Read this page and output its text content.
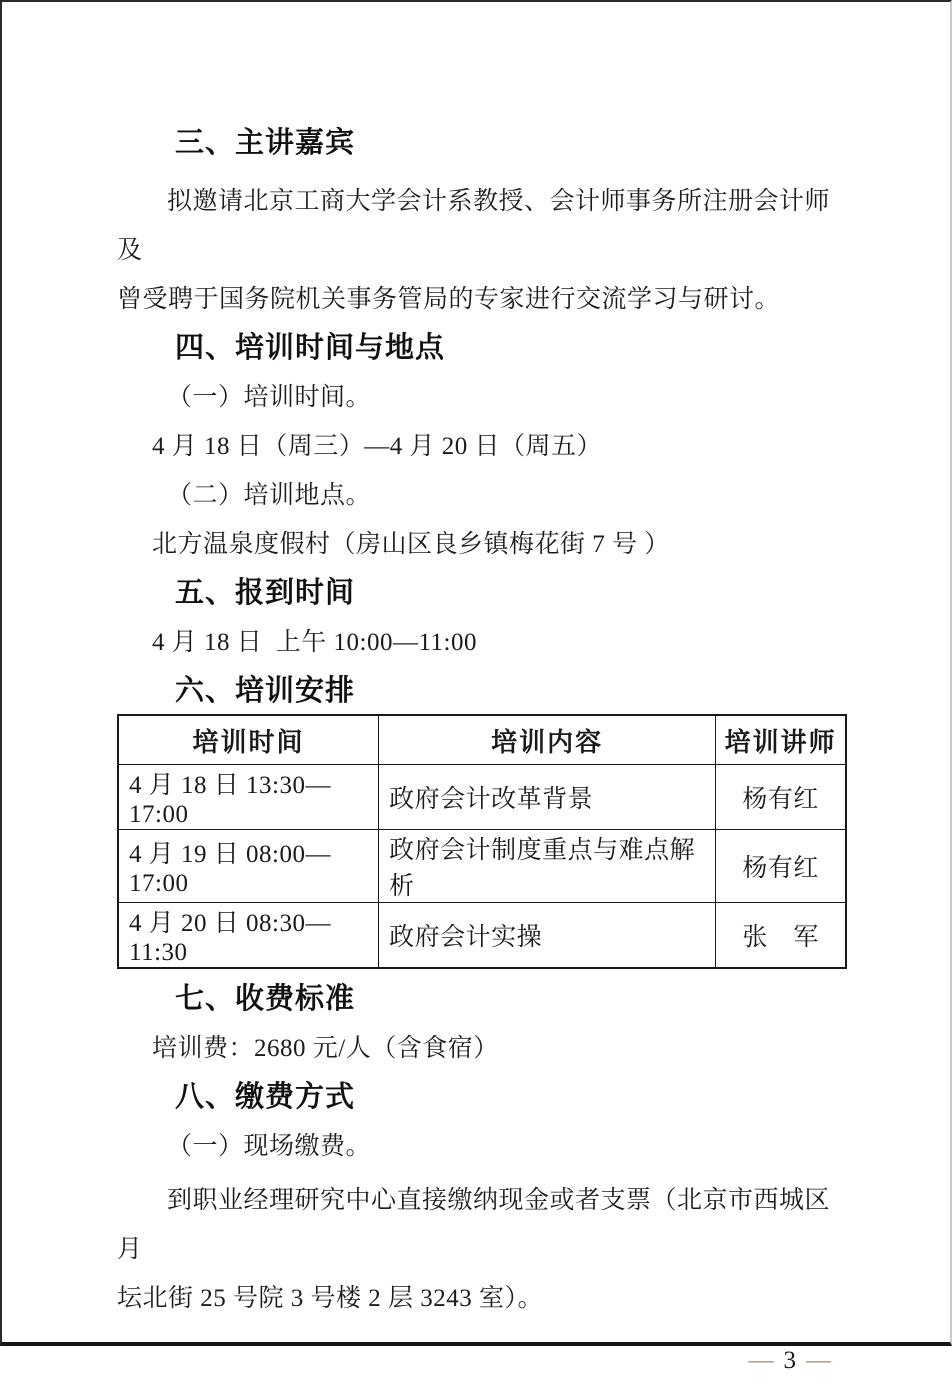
三、主讲嘉宾

拟邀请北京工商大学会计系教授、会计师事务所注册会计师及

曾受聘于国务院机关事务管局的专家进行交流学习与研讨。

四、培训时间与地点

（一）培训时间。

4 月 18 日（周三）—4 月 20 日（周五）

（二）培训地点。

北方温泉度假村（房山区良乡镇梅花街 7 号 ）

五、报到时间

4 月 18 日  上午 10:00—11:00

六、培训安排
培训时间	培训内容	培训讲师
4 月 18 日 13:30—17:00	政府会计改革背景	杨有红
4 月 19 日 08:00—17:00	政府会计制度重点与难点解析	杨有红
4 月 20 日 08:30—11:30	政府会计实操	张　军
七、收费标准

培训费：2680 元/人（含食宿）

八、缴费方式

（一）现场缴费。

到职业经理研究中心直接缴纳现金或者支票（北京市西城区月

坛北街 25 号院 3 号楼 2 层 3243 室）。

— 3 —
